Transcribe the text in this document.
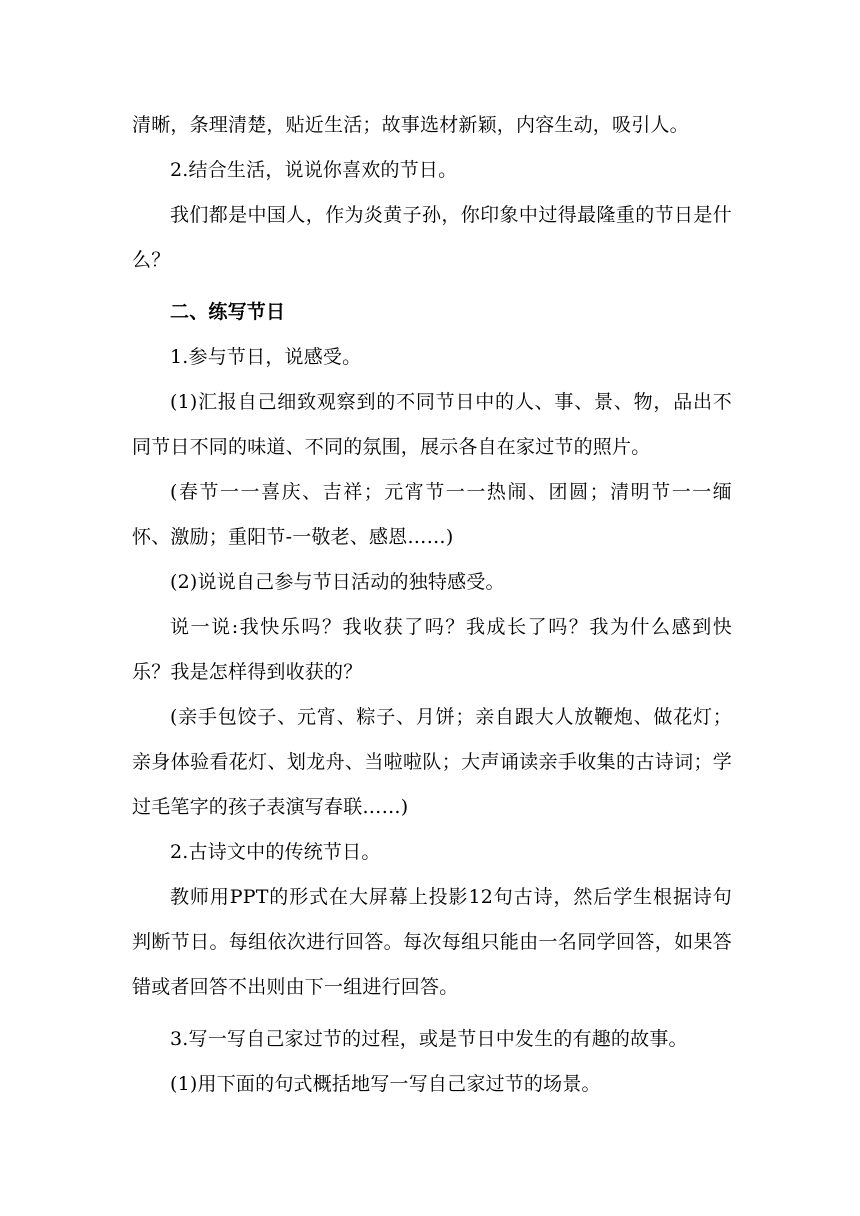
清晰，条理清楚，贴近生活；故事选材新颖，内容生动，吸引人。

2.结合生活，说说你喜欢的节日。

我们都是中国人，作为炎黄子孙，你印象中过得最隆重的节日是什么？

二、练写节日

1.参与节日，说感受。

(1)汇报自己细致观察到的不同节日中的人、事、景、物，品出不同节日不同的味道、不同的氛围，展示各自在家过节的照片。

(春节一一喜庆、吉祥；元宵节一一热闹、团圆；清明节一一缅怀、激励；重阳节-一敬老、感恩……)

(2)说说自己参与节日活动的独特感受。

说一说:我快乐吗？我收获了吗？我成长了吗？我为什么感到快乐？我是怎样得到收获的？

(亲手包饺子、元宵、粽子、月饼；亲自跟大人放鞭炮、做花灯；亲身体验看花灯、划龙舟、当啦啦队；大声诵读亲手收集的古诗词；学过毛笔字的孩子表演写春联……)

2.古诗文中的传统节日。

教师用PPT的形式在大屏幕上投影12句古诗，然后学生根据诗句判断节日。每组依次进行回答。每次每组只能由一名同学回答，如果答错或者回答不出则由下一组进行回答。

3.写一写自己家过节的过程，或是节日中发生的有趣的故事。

(1)用下面的句式概括地写一写自己家过节的场景。
